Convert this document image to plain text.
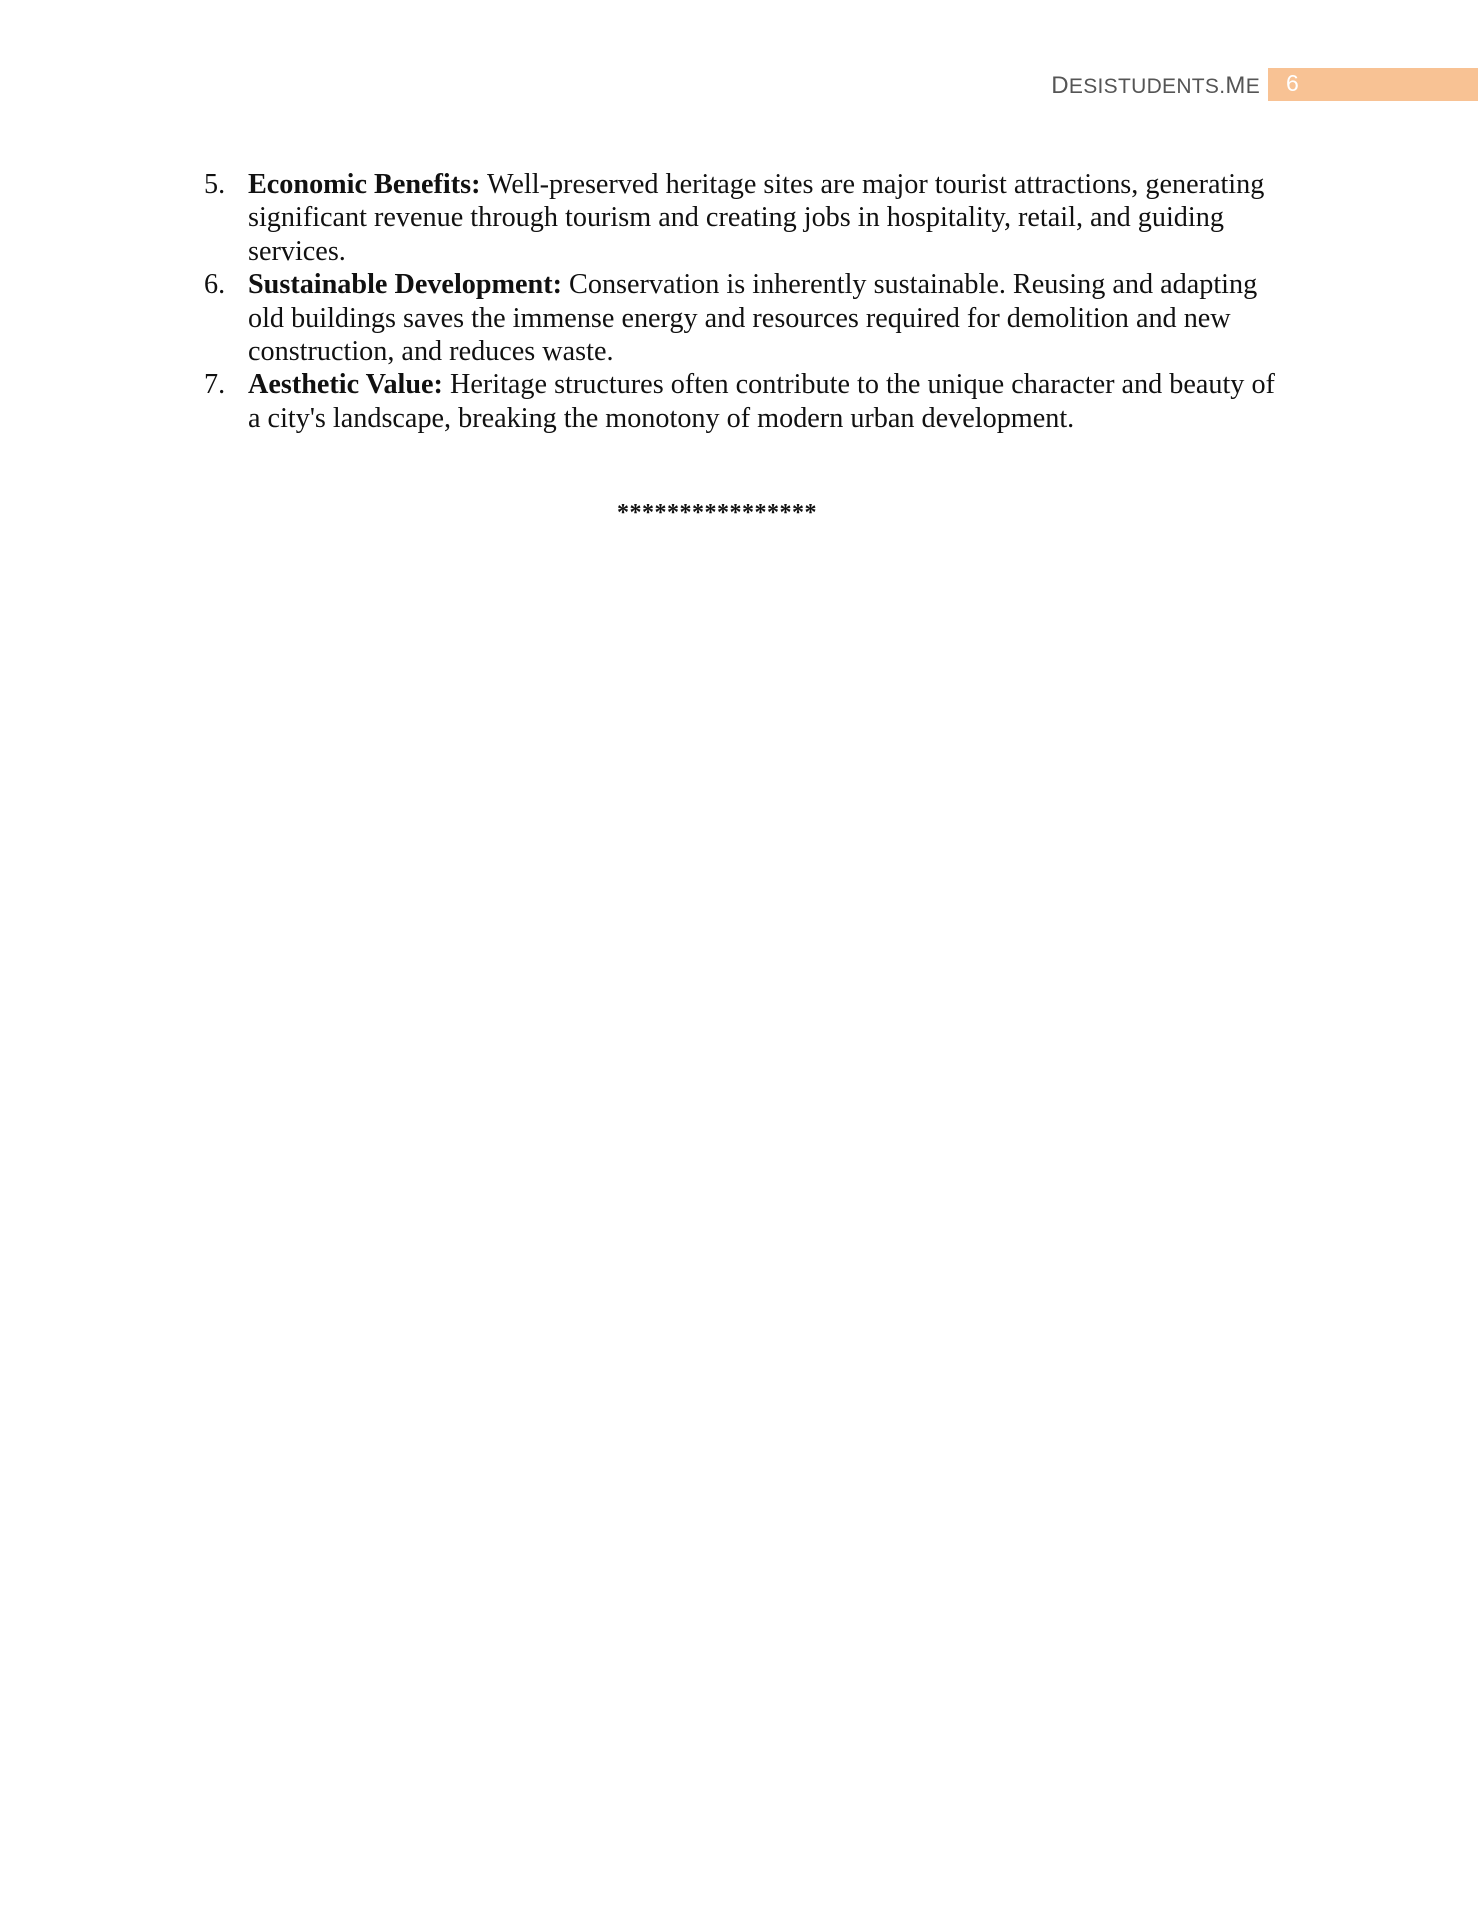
DESISTUDENTS.ME 6
5. Economic Benefits: Well-preserved heritage sites are major tourist attractions, generating significant revenue through tourism and creating jobs in hospitality, retail, and guiding services.
6. Sustainable Development: Conservation is inherently sustainable. Reusing and adapting old buildings saves the immense energy and resources required for demolition and new construction, and reduces waste.
7. Aesthetic Value: Heritage structures often contribute to the unique character and beauty of a city's landscape, breaking the monotony of modern urban development.
****************
